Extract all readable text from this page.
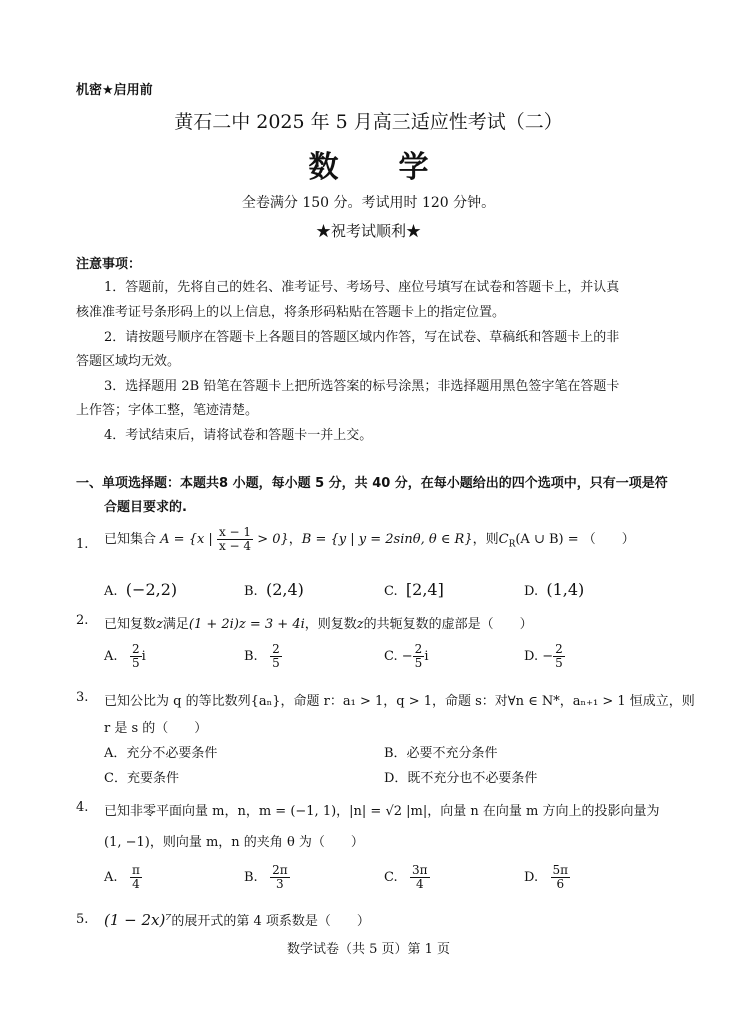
机密★启用前
黄石二中 2025 年 5 月高三适应性考试（二）
数　　学
全卷满分 150 分。考试用时 120 分钟。
★祝考试顺利★
注意事项：
1．答题前，先将自己的姓名、准考证号、考场号、座位号填写在试卷和答题卡上，并认真
核准准考证号条形码上的以上信息，将条形码粘贴在答题卡上的指定位置。
2．请按题号顺序在答题卡上各题目的答题区域内作答，写在试卷、草稿纸和答题卡上的非
答题区域均无效。
3．选择题用 2B 铅笔在答题卡上把所选答案的标号涂黑；非选择题用黑色签字笔在答题卡
上作答；字体工整，笔迹清楚。
4．考试结束后，请将试卷和答题卡一并上交。
一、单项选择题：本题共8 小题，每小题 5 分，共 40 分，在每小题给出的四个选项中，只有一项是符
合题目要求的.
1. 已知集合 A = {x | $\frac{x - 1}{x - 4} > 0$}，B = {y | y = 2sinθ, θ ∈ R}，则$C_R(A$ ∪ B) = （　　）
A. (−2,2)	B. (2,4)	C. [2,4]	D. (1,4)
2. 已知复数z满足(1 + 2i)z = 3 + 4i，则复数z的共轭复数的虚部是（　　）
A. $\frac{2}{5}$ i	B. $\frac{2}{5}$	C. − $\frac{2}{5}$ i	D. − $\frac{2}{5}$
3. 已知公比为 q 的等比数列{aₙ}，命题 r：a₁ > 1，q > 1，命题 s：对∀n ∈ N*，aₙ₊₁ > 1 恒成立，则
r 是 s 的（　　）
A．充分不必要条件	B．必要不充分条件
C．充要条件	D．既不充分也不必要条件
4. 已知非零平面向量 m，n，m = (−1, 1)，|n| = √2 |m|，向量 n 在向量 m 方向上的投影向量为
(1, −1)，则向量 m，n 的夹角 θ 为（　　）
A. $\frac{\pi}{4}$	B. $\frac{2\pi}{3}$	C. $\frac{3\pi}{4}$	D. $\frac{5\pi}{6}$
5. (1 − 2x)⁷的展开式的第 4 项系数是（　　）
数学试卷（共 5 页）第 1 页
